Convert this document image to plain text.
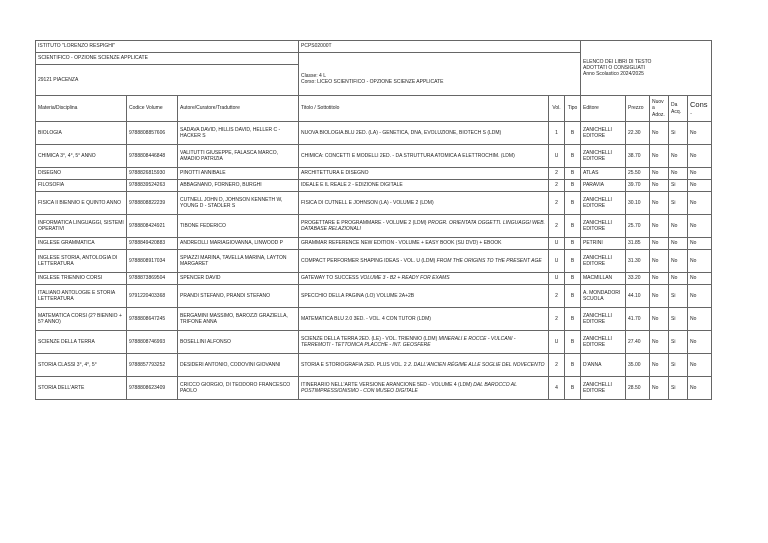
ISTITUTO "LORENZO RESPIGHI"			PCPS02000T			ELENCO DEI LIBRI DI TESTO
ADOTTATI O CONSIGLIATI
Anno Scolastico 2024/2025				

SCIENTIFICO - OPZIONE SCIENZE APPLICATE			Classe: 4 L
Corso: LICEO SCIENTIFICO - OPZIONE SCIENZE APPLICATE							

29121 PIACENZA										
Materia/Disciplina	Codice Volume	Autore/Curatore/Traduttore	Titolo / Sottotitolo	Vol.	Tipo	Editore	Prezzo	Nuova Adoz.	Da Acq.	Cons.
BIOLOGIA	9788808857606	SADAVA DAVID, HILLIS DAVID, HELLER C - HACKER S	NUOVA BIOLOGIA.BLU 2ED. (LA) - GENETICA, DNA, EVOLUZIONE, BIOTECH S (LDM)	1	B	ZANICHELLI EDITORE	22.30	No	Si	No
CHIMICA 3°, 4°, 5° ANNO	9788808446848	VALITUTTI GIUSEPPE, FALASCA MARCO, AMADIO PATRIZIA	CHIMICA: CONCETTI E MODELLI 2ED. - DA STRUTTURA ATOMICA A ELETTROCHIM. (LDM)	U	B	ZANICHELLI EDITORE	38.70	No	No	No
DISEGNO	9788826815930	PINOTTI ANNIBALE	ARCHITETTURA E DISEGNO	2	B	ATLAS	25.50	No	No	No
FILOSOFIA	9788839524263	ABBAGNANO, FORNERO, BURGHI	IDEALE E IL REALE 2 - EDIZIONE DIGITALE	2	B	PARAVIA	39.70	No	Si	No
FISICA II BIENNIO E QUINTO ANNO	9788808822239	CUTNELL JOHN D, JOHNSON KENNETH W, YOUNG D - STADLER S	FISICA DI CUTNELL E JOHNSON (LA) - VOLUME 2 (LDM)	2	B	ZANICHELLI EDITORE	30.10	No	Si	No
INFORMATICA LINGUAGGI, SISTEMI OPERATIVI	9788808424921	TIBONE FEDERICO	PROGETTARE E PROGRAMMARE - VOLUME 2 (LDM) PROGR. ORIENTATA OGGETTI. LINGUAGGI WEB. DATABASE RELAZIONALI	2	B	ZANICHELLI EDITORE	25.70	No	No	No
INGLESE GRAMMATICA	9788849420883	ANDREOLLI MARIAGIOVANNA, LINWOOD P	GRAMMAR REFERENCE NEW EDITION - VOLUME + EASY BOOK (SU DVD) + EBOOK	U	B	PETRINI	31.85	No	No	No
INGLESE STORIA, ANTOLOGIA DI LETTERATURA	9788808917034	SPIAZZI MARINA, TAVELLA MARINA, LAYTON MARGARET	COMPACT PERFORMER SHAPING IDEAS - VOL. U (LDM) FROM THE ORIGINS TO THE PRESENT AGE	U	B	ZANICHELLI EDITORE	31.30	No	No	No
INGLESE TRIENNIO CORSI	9788873869504	SPENCER DAVID	GATEWAY TO SUCCESS VOLUME 3 - B2 + READY FOR EXAMS	U	B	MACMILLAN	33.20	No	No	No
ITALIANO ANTOLOGIE E STORIA LETTERATURA	9791220403368	PRANDI STEFANO, PRANDI STEFANO	SPECCHIO DELLA PAGINA (LO) VOLUME 2A+2B	2	B	A. MONDADORI SCUOLA	44.10	No	Si	No
MATEMATICA CORSI (2? BIENNIO + 5? ANNO)	9788808647245	BERGAMINI MASSIMO, BAROZZI GRAZIELLA, TRIFONE ANNA	MATEMATICA BLU 2.0 3ED. - VOL. 4 CON TUTOR (LDM)	2	B	ZANICHELLI EDITORE	41.70	No	Si	No
SCIENZE DELLA TERRA	9788808746993	BOSELLINI ALFONSO	SCIENZE DELLA TERRA 2ED. (LE) - VOL. TRIENNIO (LDM) MINERALI E ROCCE - VULCANI - TERREMOTI - TETTONICA PLACCHE - INT. GEOSFERE	U	B	ZANICHELLI EDITORE	27.40	No	Si	No
STORIA CLASSI 3°, 4°, 5°	9788857793252	DESIDERI ANTONIO, CODOVINI GIOVANNI	STORIA E STORIOGRAFIA 2ED. PLUS VOL. 2 2. DALL'ANCIEN RÉGIME ALLE SOGLIE DEL NOVECENTO	2	B	D'ANNA	35.00	No	Si	No
STORIA DELL'ARTE	9788808623409	CRICCO GIORGIO, DI TEODORO FRANCESCO PAOLO	ITINERARIO NELL'ARTE VERSIONE ARANCIONE 5ED - VOLUME 4 (LDM) DAL BAROCCO AL POSTIMPRESSIONISMO - CON MUSEO DIGITALE	4	B	ZANICHELLI EDITORE	28.50	No	Si	No
